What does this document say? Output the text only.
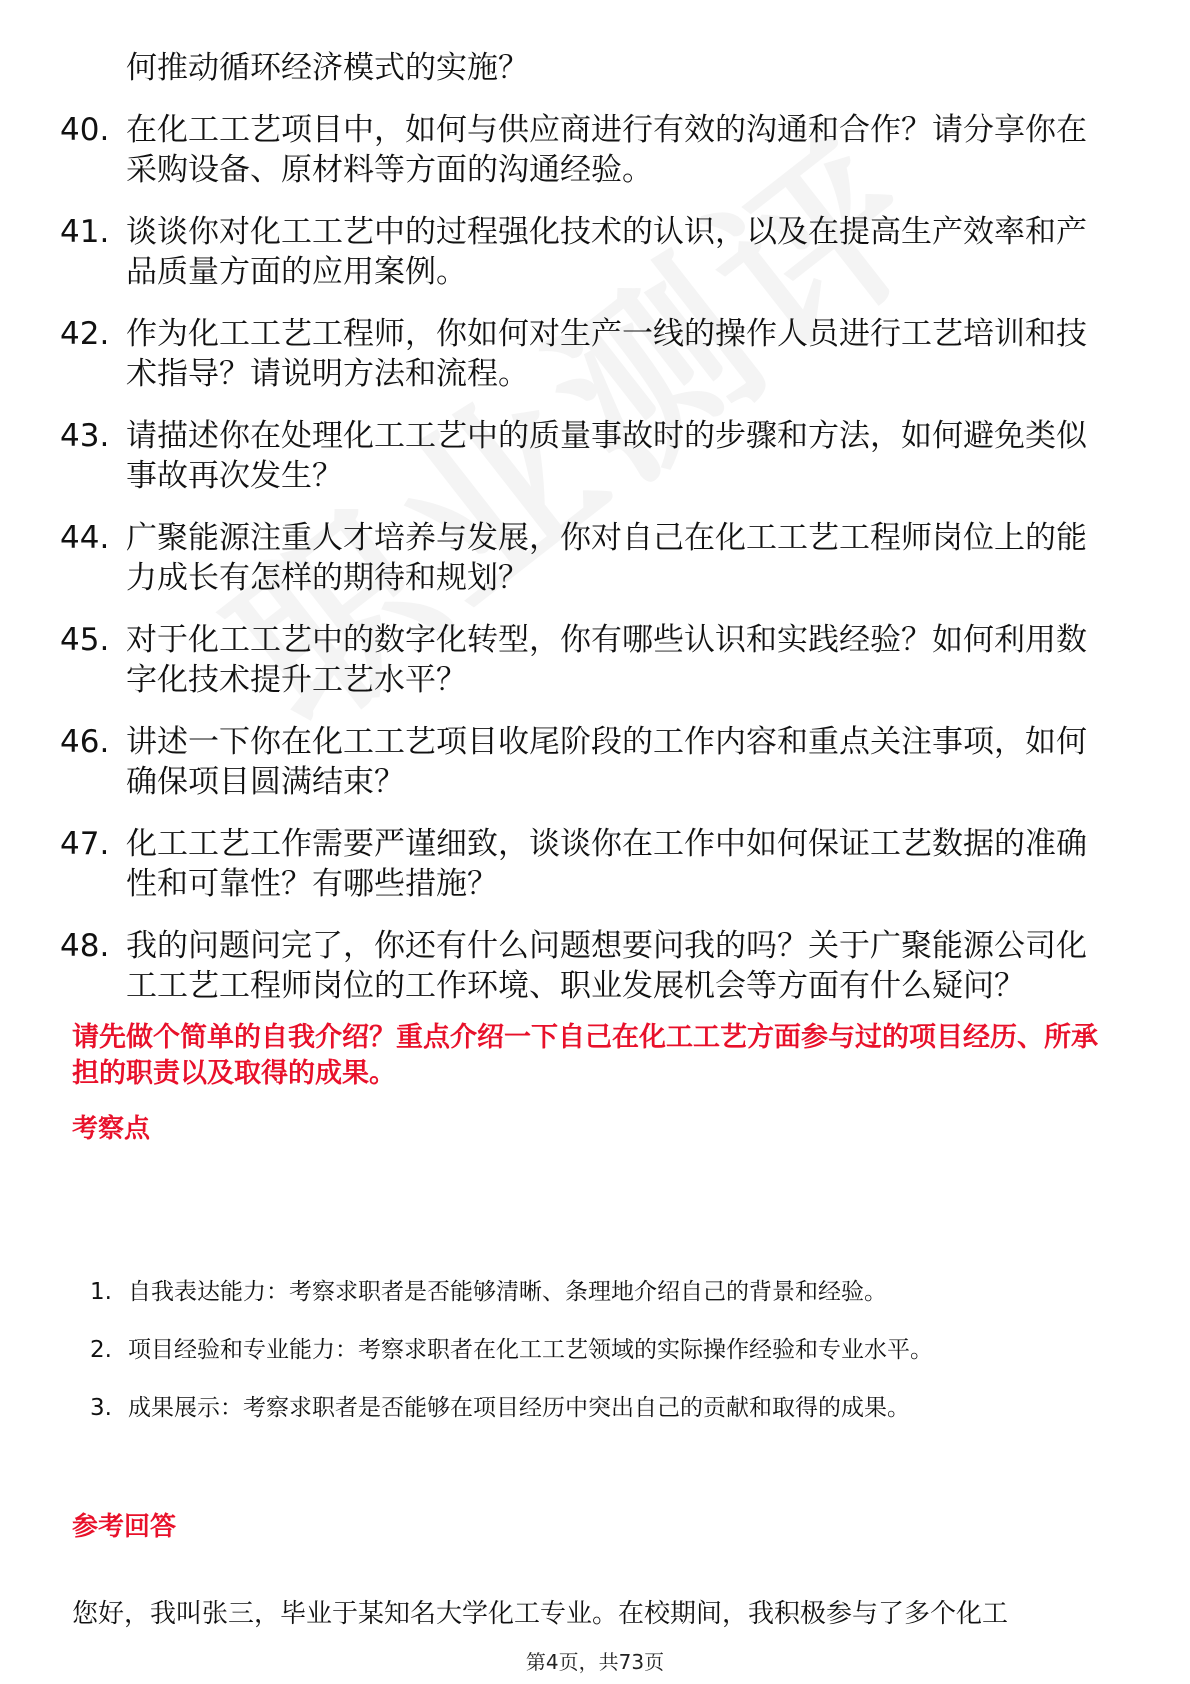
何推动循环经济模式的实施？
40. 在化工工艺项目中，如何与供应商进行有效的沟通和合作？请分享你在采购设备、原材料等方面的沟通经验。
41. 谈谈你对化工工艺中的过程强化技术的认识，以及在提高生产效率和产品质量方面的应用案例。
42. 作为化工工艺工程师，你如何对生产一线的操作人员进行工艺培训和技术指导？请说明方法和流程。
43. 请描述你在处理化工工艺中的质量事故时的步骤和方法，如何避免类似事故再次发生？
44. 广聚能源注重人才培养与发展，你对自己在化工工艺工程师岗位上的能力成长有怎样的期待和规划？
45. 对于化工工艺中的数字化转型，你有哪些认识和实践经验？如何利用数字化技术提升工艺水平？
46. 讲述一下你在化工工艺项目收尾阶段的工作内容和重点关注事项，如何确保项目圆满结束？
47. 化工工艺工作需要严谨细致，谈谈你在工作中如何保证工艺数据的准确性和可靠性？有哪些措施？
48. 我的问题问完了，你还有什么问题想要问我的吗？关于广聚能源公司化工工艺工程师岗位的工作环境、职业发展机会等方面有什么疑问？
请先做个简单的自我介绍？重点介绍一下自己在化工工艺方面参与过的项目经历、所承担的职责以及取得的成果。
考察点
1. 自我表达能力：考察求职者是否能够清晰、条理地介绍自己的背景和经验。
2. 项目经验和专业能力：考察求职者在化工工艺领域的实际操作经验和专业水平。
3. 成果展示：考察求职者是否能够在项目经历中突出自己的贡献和取得的成果。
参考回答
您好，我叫张三，毕业于某知名大学化工专业。在校期间，我积极参与了多个化工
第4页，共73页
